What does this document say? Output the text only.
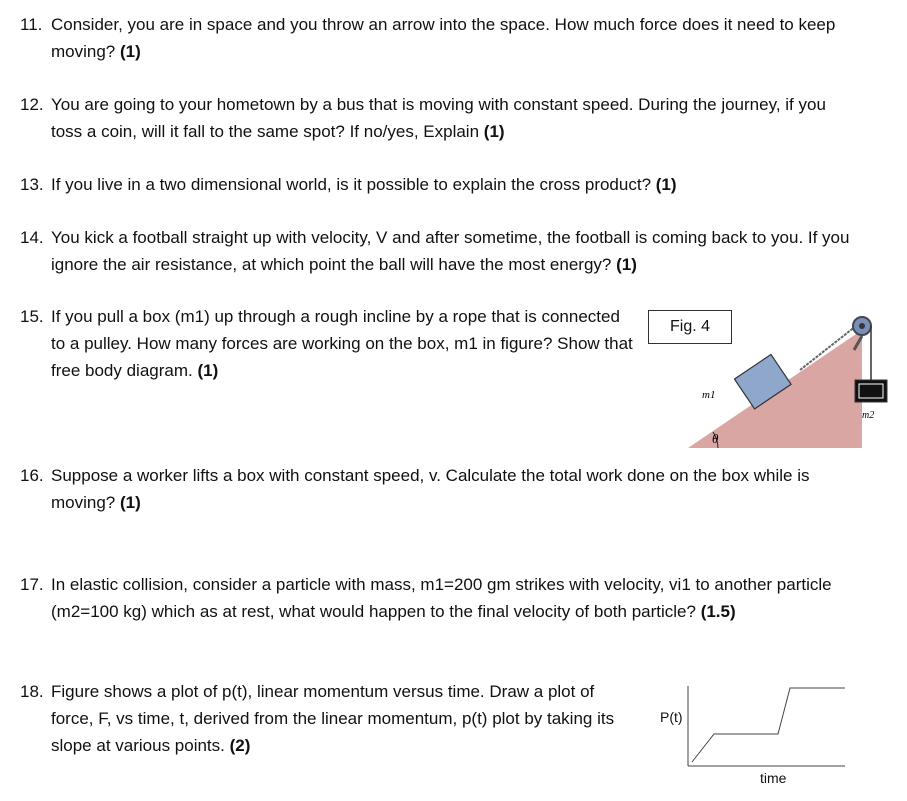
11. Consider, you are in space and you throw an arrow into the space. How much force does it need to keep moving? (1)
12. You are going to your hometown by a bus that is moving with constant speed. During the journey, if you toss a coin, will it fall to the same spot? If no/yes, Explain (1)
13. If you live in a two dimensional world, is it possible to explain the cross product? (1)
14. You kick a football straight up with velocity, V and after sometime, the football is coming back to you. If you ignore the air resistance, at which point the ball will have the most energy? (1)
15. If you pull a box (m1) up through a rough incline by a rope that is connected to a pulley. How many forces are working on the box, m1 in figure? Show that free body diagram. (1)
θ
m1
m2
Fig. 4
16. Suppose a worker lifts a box with constant speed, v. Calculate the total work done on the box while is moving? (1)
17. In elastic collision, consider a particle with mass, m1=200 gm strikes with velocity, vi1 to another particle (m2=100 kg) which as at rest, what would happen to the final velocity of both particle? (1.5)
18. Figure shows a plot of p(t), linear momentum versus time. Draw a plot of force, F, vs time, t, derived from the linear momentum, p(t) plot by taking its slope at various points. (2)
P(t)
time
